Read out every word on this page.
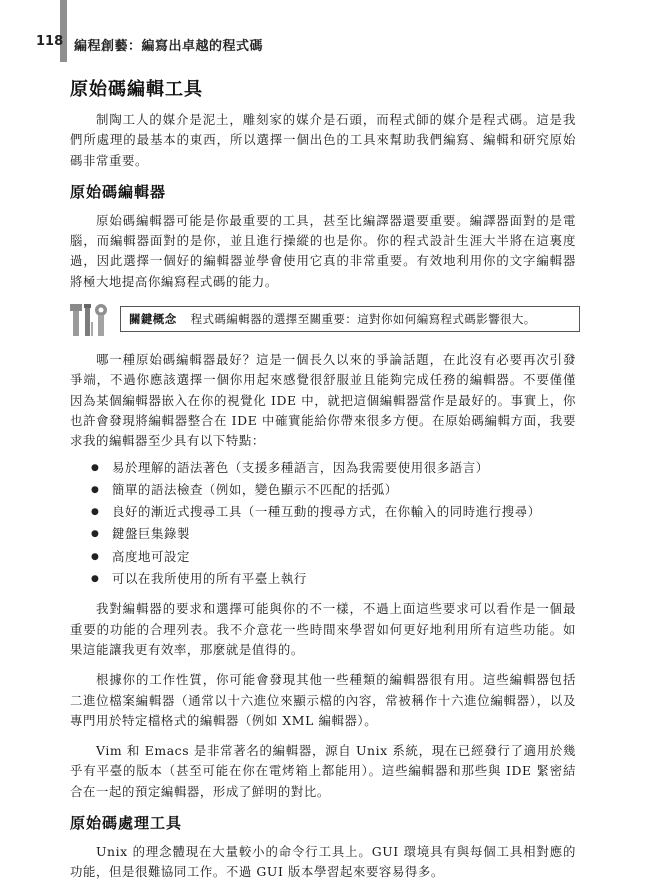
118 編程創藝：編寫出卓越的程式碼
原始碼編輯工具

制陶工人的媒介是泥土，雕刻家的媒介是石頭，而程式師的媒介是程式碼。這是我們所處理的最基本的東西，所以選擇一個出色的工具來幫助我們編寫、編輯和研究原始碼非常重要。

原始碼編輯器

原始碼編輯器可能是你最重要的工具，甚至比編譯器還要重要。編譯器面對的是電腦，而編輯器面對的是你，並且進行操縱的也是你。你的程式設計生涯大半將在這裏度過，因此選擇一個好的編輯器並學會使用它真的非常重要。有效地利用你的文字編輯器將極大地提高你編寫程式碼的能力。

關鍵概念 程式碼編輯器的選擇至關重要：這對你如何編寫程式碼影響很大。

哪一種原始碼編輯器最好？這是一個長久以來的爭論話題，在此沒有必要再次引發爭端，不過你應該選擇一個你用起來感覺很舒服並且能夠完成任務的編輯器。不要僅僅因為某個編輯器嵌入在你的視覺化 IDE 中，就把這個編輯器當作是最好的。事實上，你也許會發現將編輯器整合在 IDE 中確實能給你帶來很多方便。在原始碼編輯方面，我要求我的編輯器至少具有以下特點：

● 易於理解的語法著色（支援多種語言，因為我需要使用很多語言）
● 簡單的語法檢查（例如，變色顯示不匹配的括弧）
● 良好的漸近式搜尋工具（一種互動的搜尋方式，在你輸入的同時進行搜尋）
● 鍵盤巨集錄製
● 高度地可設定
● 可以在我所使用的所有平臺上執行

我對編輯器的要求和選擇可能與你的不一樣，不過上面這些要求可以看作是一個最重要的功能的合理列表。我不介意花一些時間來學習如何更好地利用所有這些功能。如果這能讓我更有效率，那麼就是值得的。

根據你的工作性質，你可能會發現其他一些種類的編輯器很有用。這些編輯器包括二進位檔案編輯器（通常以十六進位來顯示檔的內容，常被稱作十六進位編輯器），以及專門用於特定檔格式的編輯器（例如 XML 編輯器）。

Vim 和 Emacs 是非常著名的編輯器，源自 Unix 系統，現在已經發行了適用於幾乎有平臺的版本（甚至可能在你在電烤箱上都能用）。這些編輯器和那些與 IDE 緊密結合在一起的預定編輯器，形成了鮮明的對比。

原始碼處理工具

Unix 的理念體現在大量較小的命令行工具上。GUI 環境具有與每個工具相對應的功能，但是很難協同工作。不過 GUI 版本學習起來要容易得多。
